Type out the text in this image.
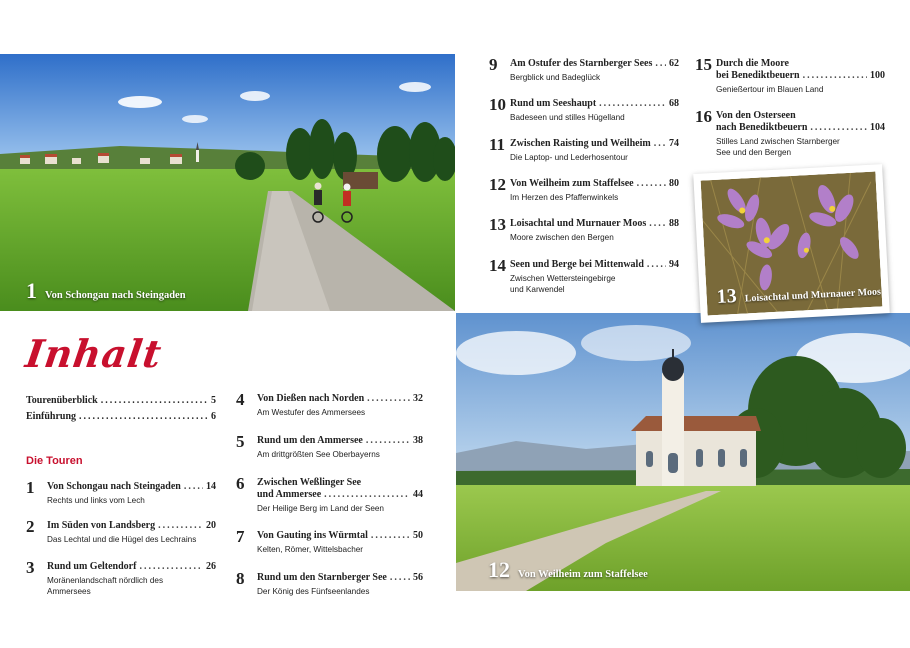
1 Von Schongau nach Steingaden
12 Von Weilheim zum Staffelsee
13 Loisachtal und Murnauer Moos
Inhalt
Tourenüberblick .....	5
Einführung .....	6
Die Touren
1	Von Schongau nach Steingaden .....	14
Rechts und links vom Lech
2	Im Süden von Landsberg .....	20
Das Lechtal und die Hügel des Lechrains
3	Rund um Geltendorf .....	26
Moränenlandschaft nördlich des Ammersees
4	Von Dießen nach Norden .....	32
Am Westufer des Ammersees
5	Rund um den Ammersee .....	38
Am drittgrößten See Oberbayerns
6	Zwischen Weßlinger See
und Ammersee .....	44
Der Heilige Berg im Land der Seen
7	Von Gauting ins Würmtal .....	50
Kelten, Römer, Wittelsbacher
8	Rund um den Starnberger See .....	56
Der König des Fünfseenlandes
9	Am Ostufer des Starnberger Sees ..... 62
Bergblick und Badeglück
10 Rund um Seeshaupt .....	68
Badeseen und stilles Hügelland
11 Zwischen Raisting und Weilheim ..... 74
Die Laptop- und Lederhosentour
12 Von Weilheim zum Staffelsee .....	80
Im Herzen des Pfaffenwinkels
13 Loisachtal und Murnauer Moos ..... 88
Moore zwischen den Bergen
14 Seen und Berge bei Mittenwald .....	94
Zwischen Wettersteingebirge und Karwendel
15 Durch die Moore
bei Benediktbeuern .....	100
Genießertour im Blauen Land
16 Von den Osterseen
nach Benediktbeuern .....	104
Stilles Land zwischen Starnberger See und den Bergen
